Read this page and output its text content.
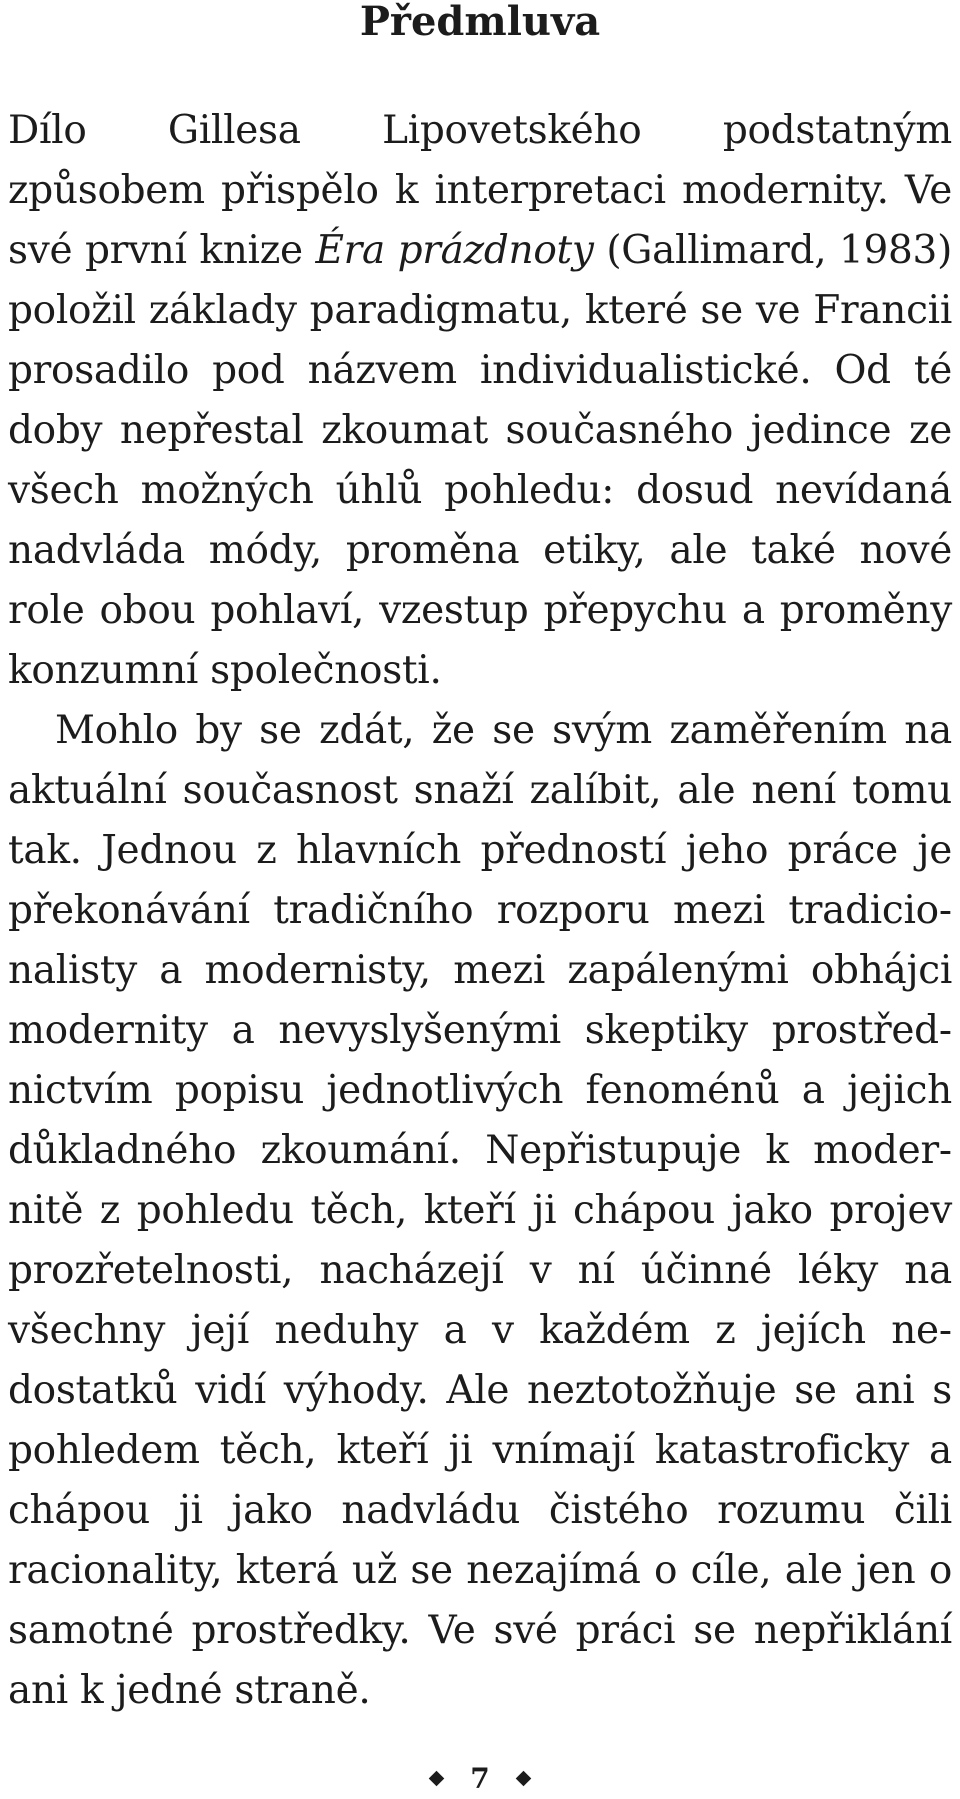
Předmluva

Dílo Gillesa Lipovetského podstatným způsobem přispělo k interpretaci modernity. Ve své první knize Éra prázdnoty (Gallimard, 1983) položil základy paradigmatu, které se ve Francii prosadilo pod názvem individualistické. Od té doby nepřestal zkoumat současného jedince ze všech možných úhlů pohledu: dosud nevídaná nadvláda módy, proměna etiky, ale také nové role obou pohlaví, vzestup přepychu a proměny konzumní společnosti.

Mohlo by se zdát, že se svým zaměřením na aktuální současnost snaží zalíbit, ale není tomu tak. Jednou z hlavních předností jeho práce je překonávání tradičního rozporu mezi tradicionalisty a modernisty, mezi zapálenými obhájci modernity a nevyslyšenými skeptiky prostřednictvím popisu jednotlivých fenoménů a jejich důkladného zkoumání. Nepřistupuje k modernitě z pohledu těch, kteří ji chápou jako projev prozřetelnosti, nacházejí v ní účinné léky na všechny její neduhy a v každém z jejích nedostatků vidí výhody. Ale neztotožňuje se ani s pohledem těch, kteří ji vnímají katastroficky a chápou ji jako nadvládu čistého rozumu čili racionality, která už se nezajímá o cíle, ale jen o samotné prostředky. Ve své práci se nepřiklání ani k jedné straně.

7
